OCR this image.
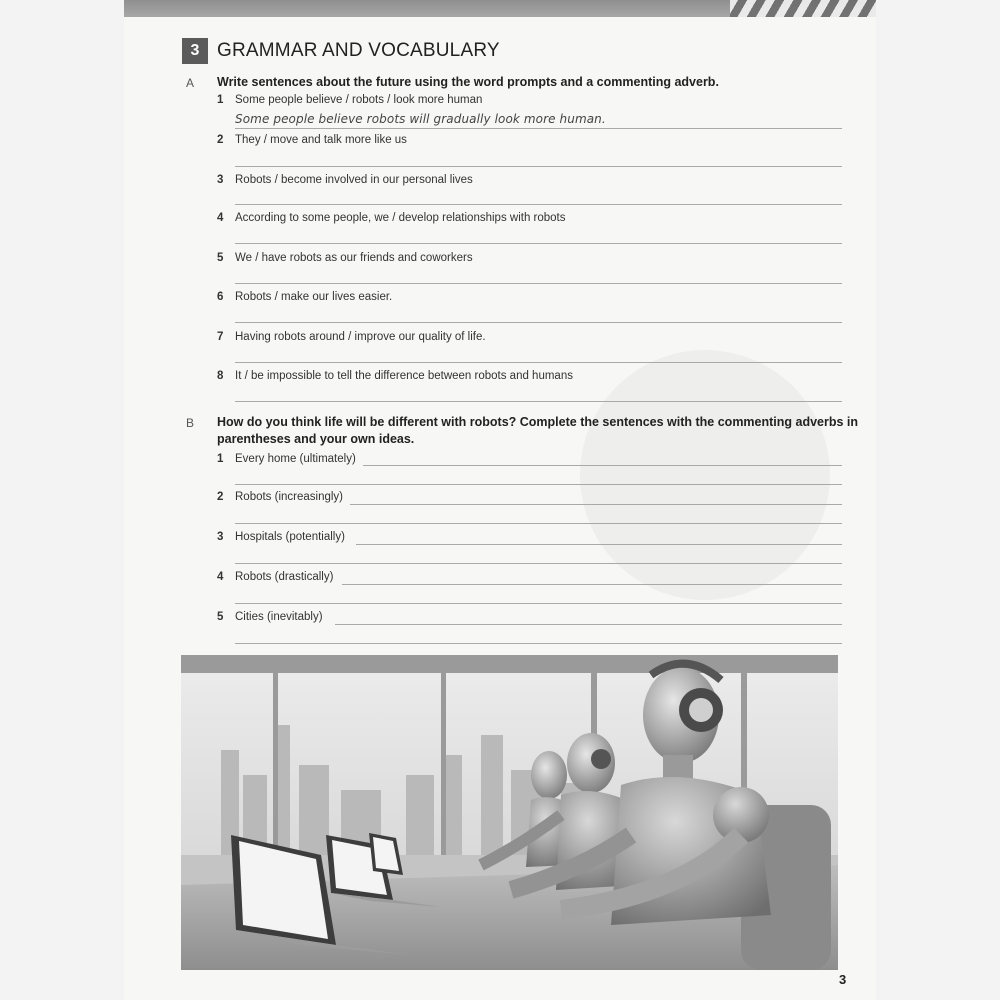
3 GRAMMAR AND VOCABULARY
A Write sentences about the future using the word prompts and a commenting adverb.
1 Some people believe / robots / look more human
Some people believe robots will gradually look more human.
2 They / move and talk more like us
3 Robots / become involved in our personal lives
4 According to some people, we / develop relationships with robots
5 We / have robots as our friends and coworkers
6 Robots / make our lives easier.
7 Having robots around / improve our quality of life.
8 It / be impossible to tell the difference between robots and humans
B How do you think life will be different with robots? Complete the sentences with the commenting adverbs in
parentheses and your own ideas.
1 Every home (ultimately)
2 Robots (increasingly)
3 Hospitals (potentially)
4 Robots (drastically)
5 Cities (inevitably)
3
